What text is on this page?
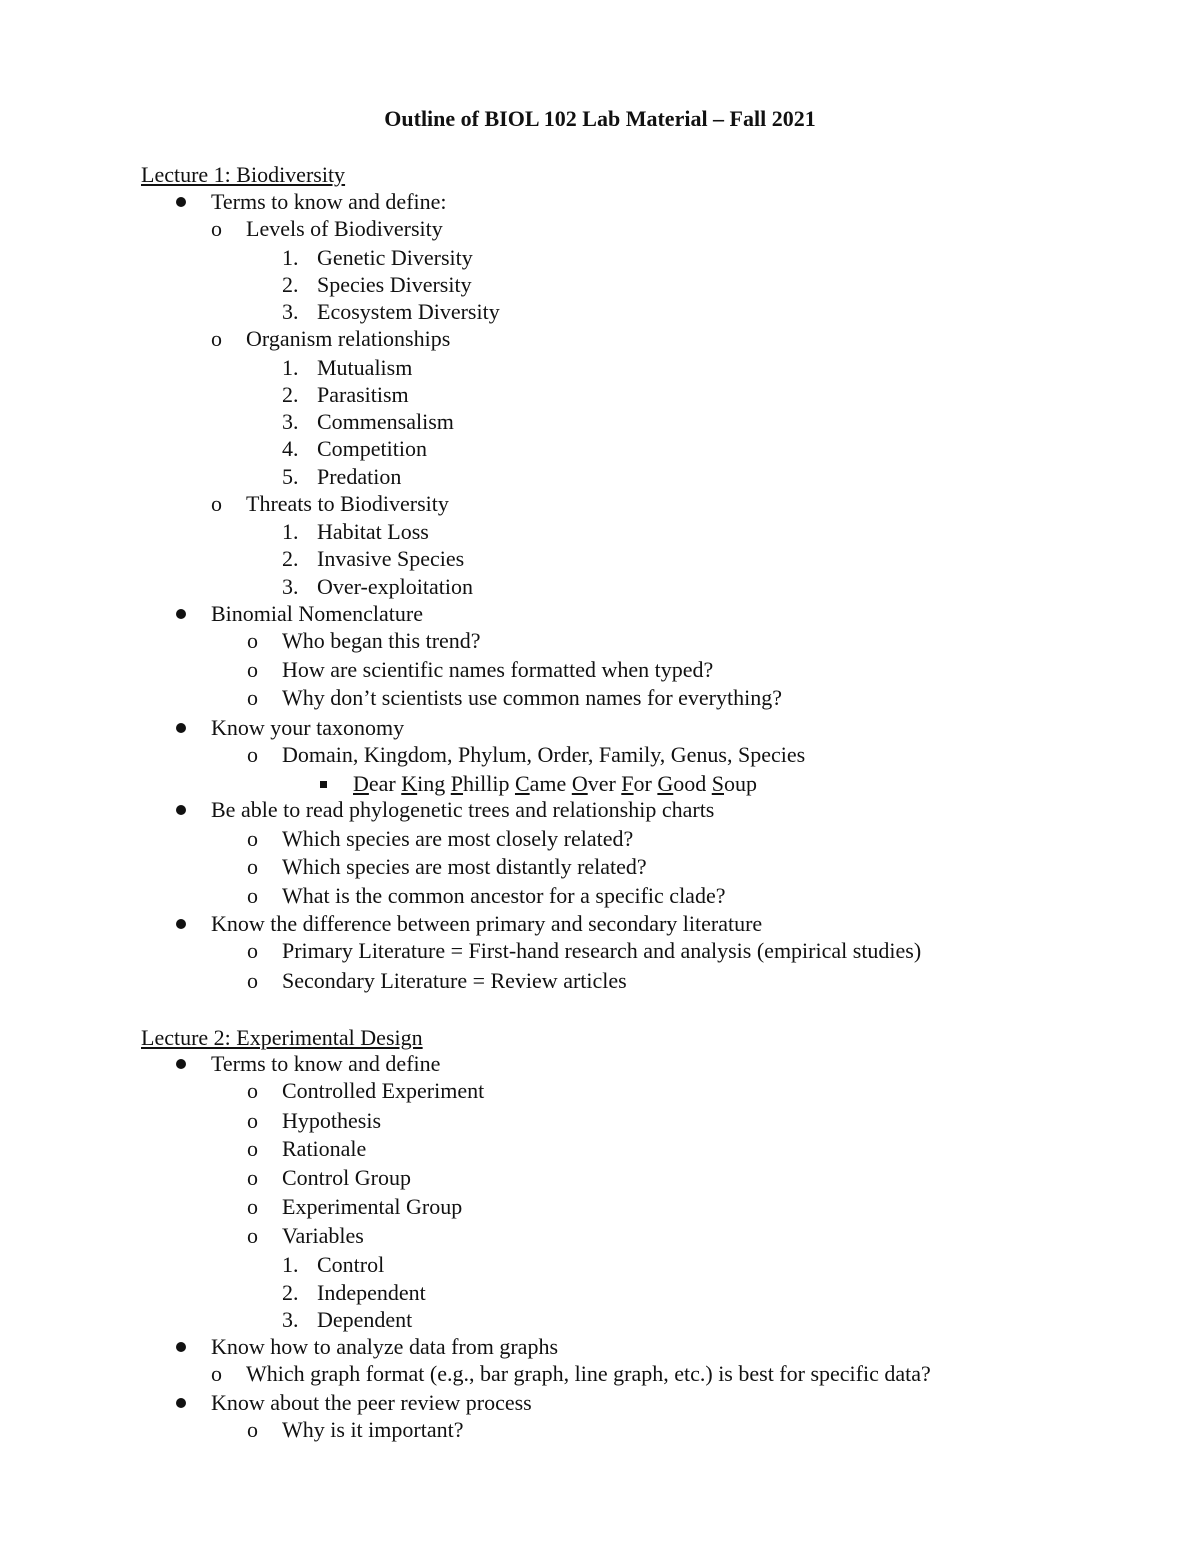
Outline of BIOL 102 Lab Material – Fall 2021
Lecture 1: Biodiversity
Terms to know and define:
o Levels of Biodiversity
1. Genetic Diversity
2. Species Diversity
3. Ecosystem Diversity
o Organism relationships
1. Mutualism
2. Parasitism
3. Commensalism
4. Competition
5. Predation
o Threats to Biodiversity
1. Habitat Loss
2. Invasive Species
3. Over-exploitation
Binomial Nomenclature
o Who began this trend?
o How are scientific names formatted when typed?
o Why don’t scientists use common names for everything?
Know your taxonomy
o Domain, Kingdom, Phylum, Order, Family, Genus, Species
Dear King Phillip Came Over For Good Soup
Be able to read phylogenetic trees and relationship charts
o Which species are most closely related?
o Which species are most distantly related?
o What is the common ancestor for a specific clade?
Know the difference between primary and secondary literature
o Primary Literature = First-hand research and analysis (empirical studies)
o Secondary Literature = Review articles
Lecture 2: Experimental Design
Terms to know and define
o Controlled Experiment
o Hypothesis
o Rationale
o Control Group
o Experimental Group
o Variables
1. Control
2. Independent
3. Dependent
Know how to analyze data from graphs
o Which graph format (e.g., bar graph, line graph, etc.) is best for specific data?
Know about the peer review process
o Why is it important?
